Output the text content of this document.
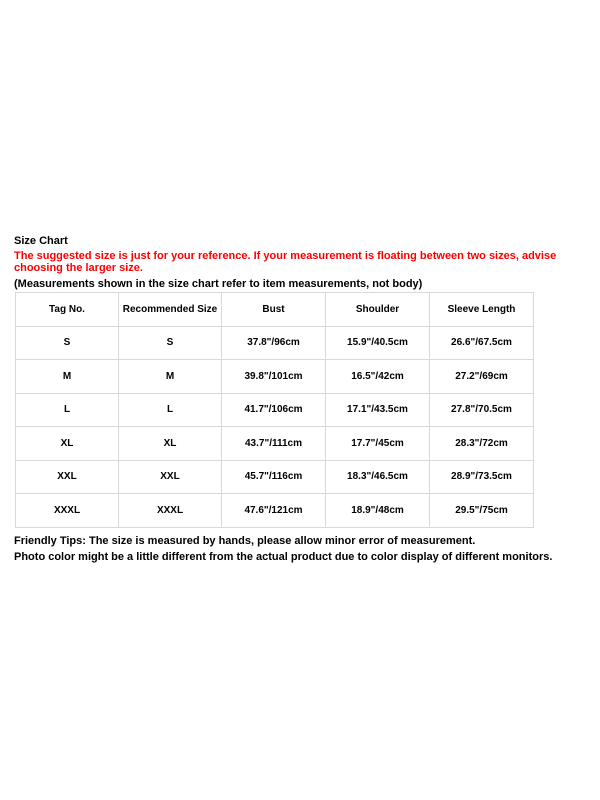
Size Chart
The suggested size is just for your reference. If your measurement is floating between two sizes, advise choosing the larger size.
(Measurements shown in the size chart refer to item measurements, not body)
Tag No.	Recommended Size	Bust	Shoulder	Sleeve Length
S	S	37.8"/96cm	15.9"/40.5cm	26.6"/67.5cm
M	M	39.8"/101cm	16.5"/42cm	27.2"/69cm
L	L	41.7"/106cm	17.1"/43.5cm	27.8"/70.5cm
XL	XL	43.7"/111cm	17.7"/45cm	28.3"/72cm
XXL	XXL	45.7"/116cm	18.3"/46.5cm	28.9"/73.5cm
XXXL	XXXL	47.6"/121cm	18.9"/48cm	29.5"/75cm
Friendly Tips: The size is measured by hands, please allow minor error of measurement.
Photo color might be a little different from the actual product due to color display of different monitors.
